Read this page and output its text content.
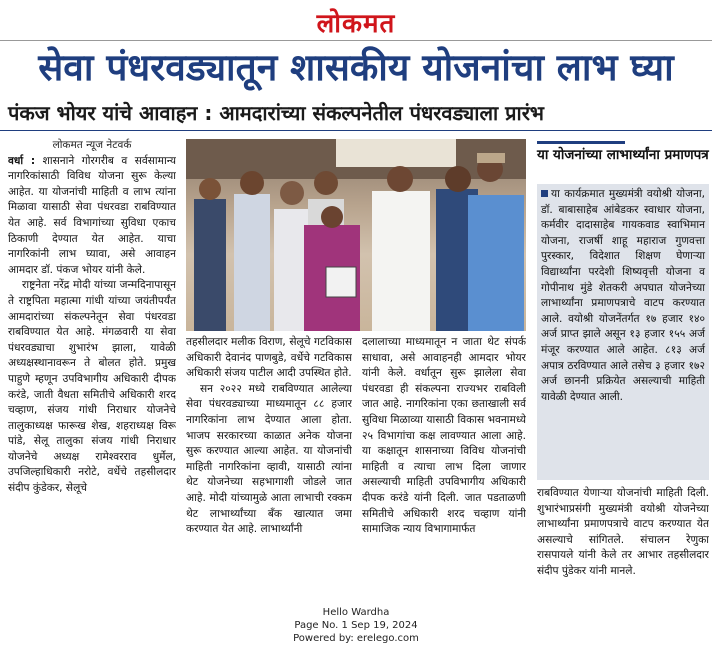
लोकमत
सेवा पंधरवड्यातून शासकीय योजनांचा लाभ घ्या
पंकज भोयर यांचे आवाहन : आमदारांच्या संकल्पनेतील पंधरवड्याला प्रारंभ

लोकमत न्यूज नेटवर्क

वर्धा : शासनाने गोरगरीब व सर्वसामान्य नागरिकांसाठी विविध योजना सुरू केल्या आहेत. या योजनांची माहिती व लाभ त्यांना मिळावा यासाठी सेवा पंधरवडा राबविण्यात येत आहे. सर्व विभागांच्या सुविधा एकाच ठिकाणी देण्यात येत आहेत. याचा नागरिकांनी लाभ घ्यावा, असे आवाहन आमदार डॉ. पंकज भोयर यांनी केले.

राष्ट्रनेता नरेंद्र मोदी यांच्या जन्मदिनापासून ते राष्ट्रपिता महात्मा गांधी यांच्या जयंतीपर्यंत आमदारांच्या संकल्पनेतून सेवा पंधरवडा राबविण्यात येत आहे. मंगळवारी या सेवा पंधरवड्याचा शुभारंभ झाला, यावेळी अध्यक्षस्थानावरून ते बोलत होते. प्रमुख पाहुणे म्हणून उपविभागीय अधिकारी दीपक करंडे, जाती वैधता समितीचे अधिकारी शरद चव्हाण, संजय गांधी निराधार योजनेचे तालुकाध्यक्ष फारूख शेख, शहराध्यक्ष विरू पांडे, सेलू तालुका संजय गांधी निराधार योजनेचे अध्यक्ष रामेश्वरराव धुर्मेल, उपजिल्हाधिकारी नरोटे, वर्धेचे तहसीलदार संदीप कुंडेकर, सेलूचे

तहसीलदार मलीक विराण, सेलूचे गटविकास अधिकारी देवानंद पाणबुडे, वर्धेचे गटविकास अधिकारी संजय पाटील आदी उपस्थित होते.

सन २०२२ मध्ये राबविण्यात आलेल्या सेवा पंधरवड्याच्या माध्यमातून ८८ हजार नागरिकांना लाभ देण्यात आला होता. भाजप सरकारच्या काळात अनेक योजना सुरू करण्यात आल्या आहेत. या योजनांची माहिती नागरिकांना व्हावी, यासाठी त्यांना थेट योजनेच्या सहभागाशी जोडले जात आहे. मोदी यांच्यामुळे आता लाभाची रक्कम थेट लाभार्थ्यांच्या बँक खात्यात जमा करण्यात येत आहे. लाभार्थ्यांनी

दलालाच्या माध्यमातून न जाता थेट संपर्क साधावा, असे आवाहनही आमदार भोयर यांनी केले. वर्धातून सुरू झालेला सेवा पंधरवडा ही संकल्पना राज्यभर राबविली जात आहे. नागरिकांना एका छताखाली सर्व सुविधा मिळाव्या यासाठी विकास भवनामध्ये २५ विभागांचा कक्ष लावण्यात आला आहे. या कक्षातून शासनाच्या विविध योजनांची माहिती व त्याचा लाभ दिला जाणार असल्याची माहिती उपविभागीय अधिकारी दीपक करंडे यांनी दिली. जात पडताळणी समितीचे अधिकारी शरद चव्हाण यांनी सामाजिक न्याय विभागामार्फत

या योजनांच्या लाभार्थ्यांना प्रमाणपत्र
या कार्यक्रमात मुख्यमंत्री वयोश्री योजना, डॉ. बाबासाहेब आंबेडकर स्वाधार योजना, कर्मवीर दादासाहेब गायकवाड स्वाभिमान योजना, राजर्षी शाहू महाराज गुणवत्ता पुरस्कार, विदेशात शिक्षण घेणाऱ्या विद्यार्थ्यांना परदेशी शिष्यवृत्ती योजना व गोपीनाथ मुंडे शेतकरी अपघात योजनेच्या लाभार्थ्यांना प्रमाणपत्राचे वाटप करण्यात आले. वयोश्री योजनेंतर्गत १७ हजार १४० अर्ज प्राप्त झाले असून १३ हजार १५५ अर्ज मंजूर करण्यात आले आहेत. ८१३ अर्ज अपात्र ठरविण्यात आले तसेच ३ हजार १७२ अर्ज छाननी प्रक्रियेत असल्याची माहिती यावेळी देण्यात आली.

राबविण्यात येणाऱ्या योजनांची माहिती दिली. शुभारंभाप्रसंगी मुख्यमंत्री वयोश्री योजनेच्या लाभार्थ्यांना प्रमाणपत्राचे वाटप करण्यात येत असल्याचे सांगितले. संचालन रेणुका रासपायले यांनी केले तर आभार तहसीलदार संदीप पुंडेकर यांनी मानले.

Hello Wardha
Page No. 1 Sep 19, 2024
Powered by: erelego.com
